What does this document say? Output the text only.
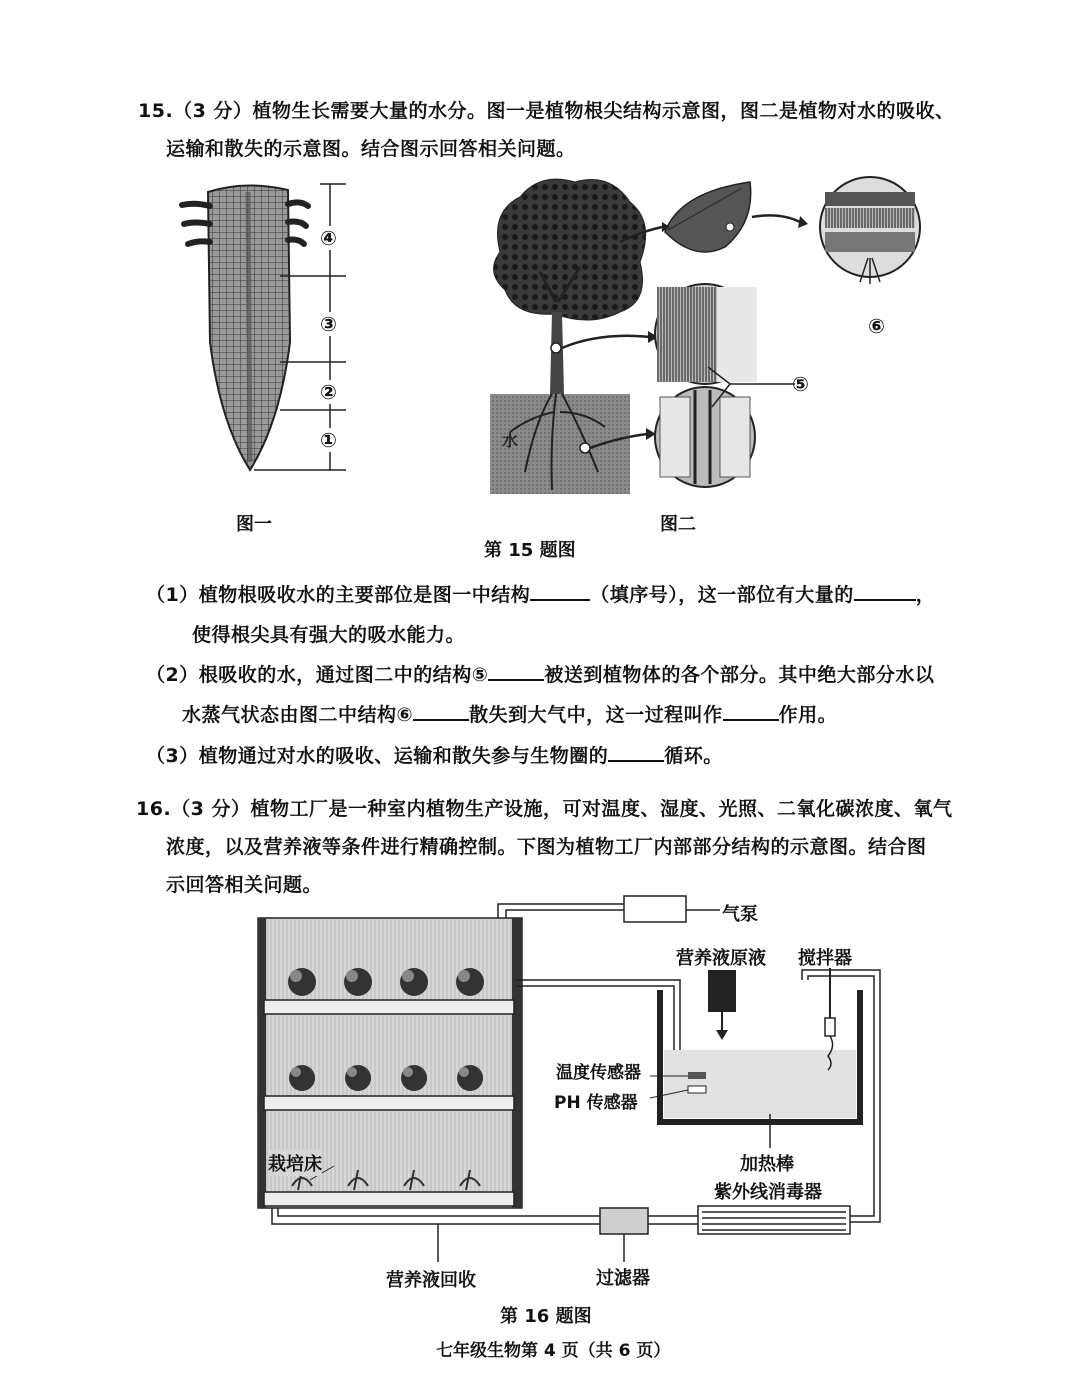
15.（3 分）植物生长需要大量的水分。图一是植物根尖结构示意图，图二是植物对水的吸收、
运输和散失的示意图。结合图示回答相关问题。
④
③
②
①	水
⑤
⑥
图一	图二
第 15 题图
（1）植物根吸收水的主要部位是图一中结构	（填序号），这一部位有大量的	，
使得根尖具有强大的吸水能力。
（2）根吸收的水，通过图二中的结构⑤	被送到植物体的各个部分。其中绝大部分水以
水蒸气状态由图二中结构⑥	散失到大气中，这一过程叫作	作用。
（3）植物通过对水的吸收、运输和散失参与生物圈的	循环。
16.（3 分）植物工厂是一种室内植物生产设施，可对温度、湿度、光照、二氧化碳浓度、氧气
浓度，以及营养液等条件进行精确控制。下图为植物工厂内部部分结构的示意图。结合图
示回答相关问题。
气泵
营养液原液 搅拌器
温度传感器
PH 传感器
加热棒
紫外线消毒器
栽培床
营养液回收	过滤器
第 16 题图
七年级生物第 4 页（共 6 页）
